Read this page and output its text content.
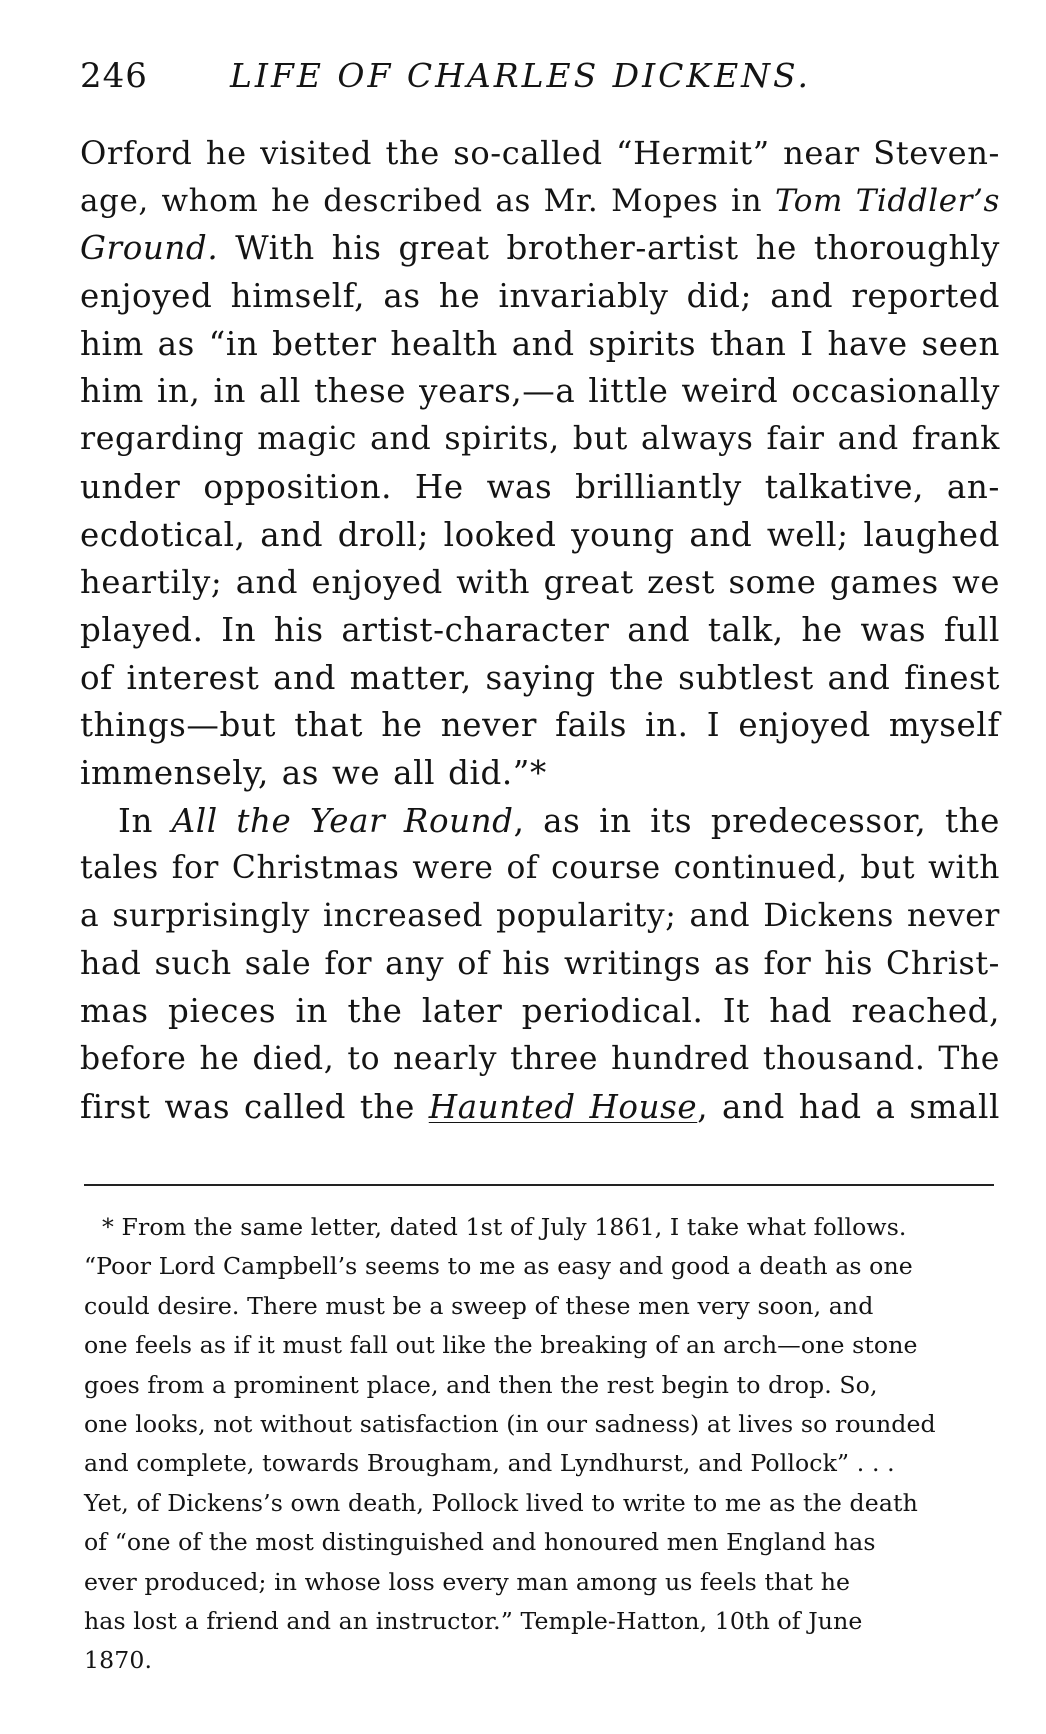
246 LIFE OF CHARLES DICKENS.
Orford he visited the so-called “Hermit” near Steven-
age, whom he described as Mr. Mopes in Tom Tiddler’s
Ground. With his great brother-artist he thoroughly
enjoyed himself, as he invariably did; and reported
him as “in better health and spirits than I have seen
him in, in all these years,—a little weird occasionally
regarding magic and spirits, but always fair and frank
under opposition. He was brilliantly talkative, an-
ecdotical, and droll; looked young and well; laughed
heartily; and enjoyed with great zest some games we
played. In his artist-character and talk, he was full
of interest and matter, saying the subtlest and finest
things—but that he never fails in. I enjoyed myself
immensely, as we all did.”*
In All the Year Round, as in its predecessor, the
tales for Christmas were of course continued, but with
a surprisingly increased popularity; and Dickens never
had such sale for any of his writings as for his Christ-
mas pieces in the later periodical. It had reached,
before he died, to nearly three hundred thousand. The
first was called the Haunted House, and had a small
* From the same letter, dated 1st of July 1861, I take what follows.
“Poor Lord Campbell’s seems to me as easy and good a death as one
could desire. There must be a sweep of these men very soon, and
one feels as if it must fall out like the breaking of an arch—one stone
goes from a prominent place, and then the rest begin to drop. So,
one looks, not without satisfaction (in our sadness) at lives so rounded
and complete, towards Brougham, and Lyndhurst, and Pollock” . . .
Yet, of Dickens’s own death, Pollock lived to write to me as the death
of “one of the most distinguished and honoured men England has
ever produced; in whose loss every man among us feels that he
has lost a friend and an instructor.” Temple-Hatton, 10th of June
1870.
